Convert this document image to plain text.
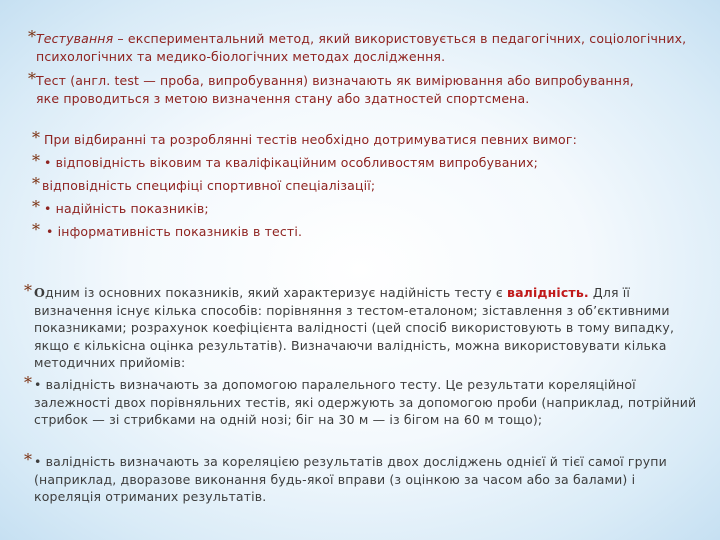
* Тестування – експериментальний метод, який використовується в педагогічних, соціологічних, психологічних та медико-біологічних методах дослідження.
* Тест (англ. test — проба, випробування) визначають як вимірювання або випробування, яке проводиться з метою визначення стану або здатностей спортсмена.
* При відбиранні та розроблянні тестів необхідно дотримуватися певних вимог:
* • відповідність віковим та кваліфікаційним особливостям випробуваних;
* відповідність специфіці спортивної спеціалізації;
* • надійність показників;
* • інформативність показників в тесті.
* Одним із основних показників, який характеризує надійність тесту є валідність. Для її визначення існує кілька способів: порівняння з тестом-еталоном; зіставлення з об’єктивними показниками; розрахунок коефіцієнта валідності (цей спосіб використовують в тому випадку, якщо є кількісна оцінка результатів). Визначаючи валідність, можна використовувати кілька методичних прийомів:
* • валідність визначають за допомогою паралельного тесту. Це результати кореляційної залежності двох порівняльних тестів, які одержують за допомогою проби (наприклад, потрійний стрибок — зі стрибками на одній нозі; біг на 30 м — із бігом на 60 м тощо);
* • валідність визначають за кореляцією результатів двох досліджень однієї й тієї самої групи (наприклад, дворазове виконання будь-якої вправи (з оцінкою за часом або за балами) і кореляція отриманих результатів.
